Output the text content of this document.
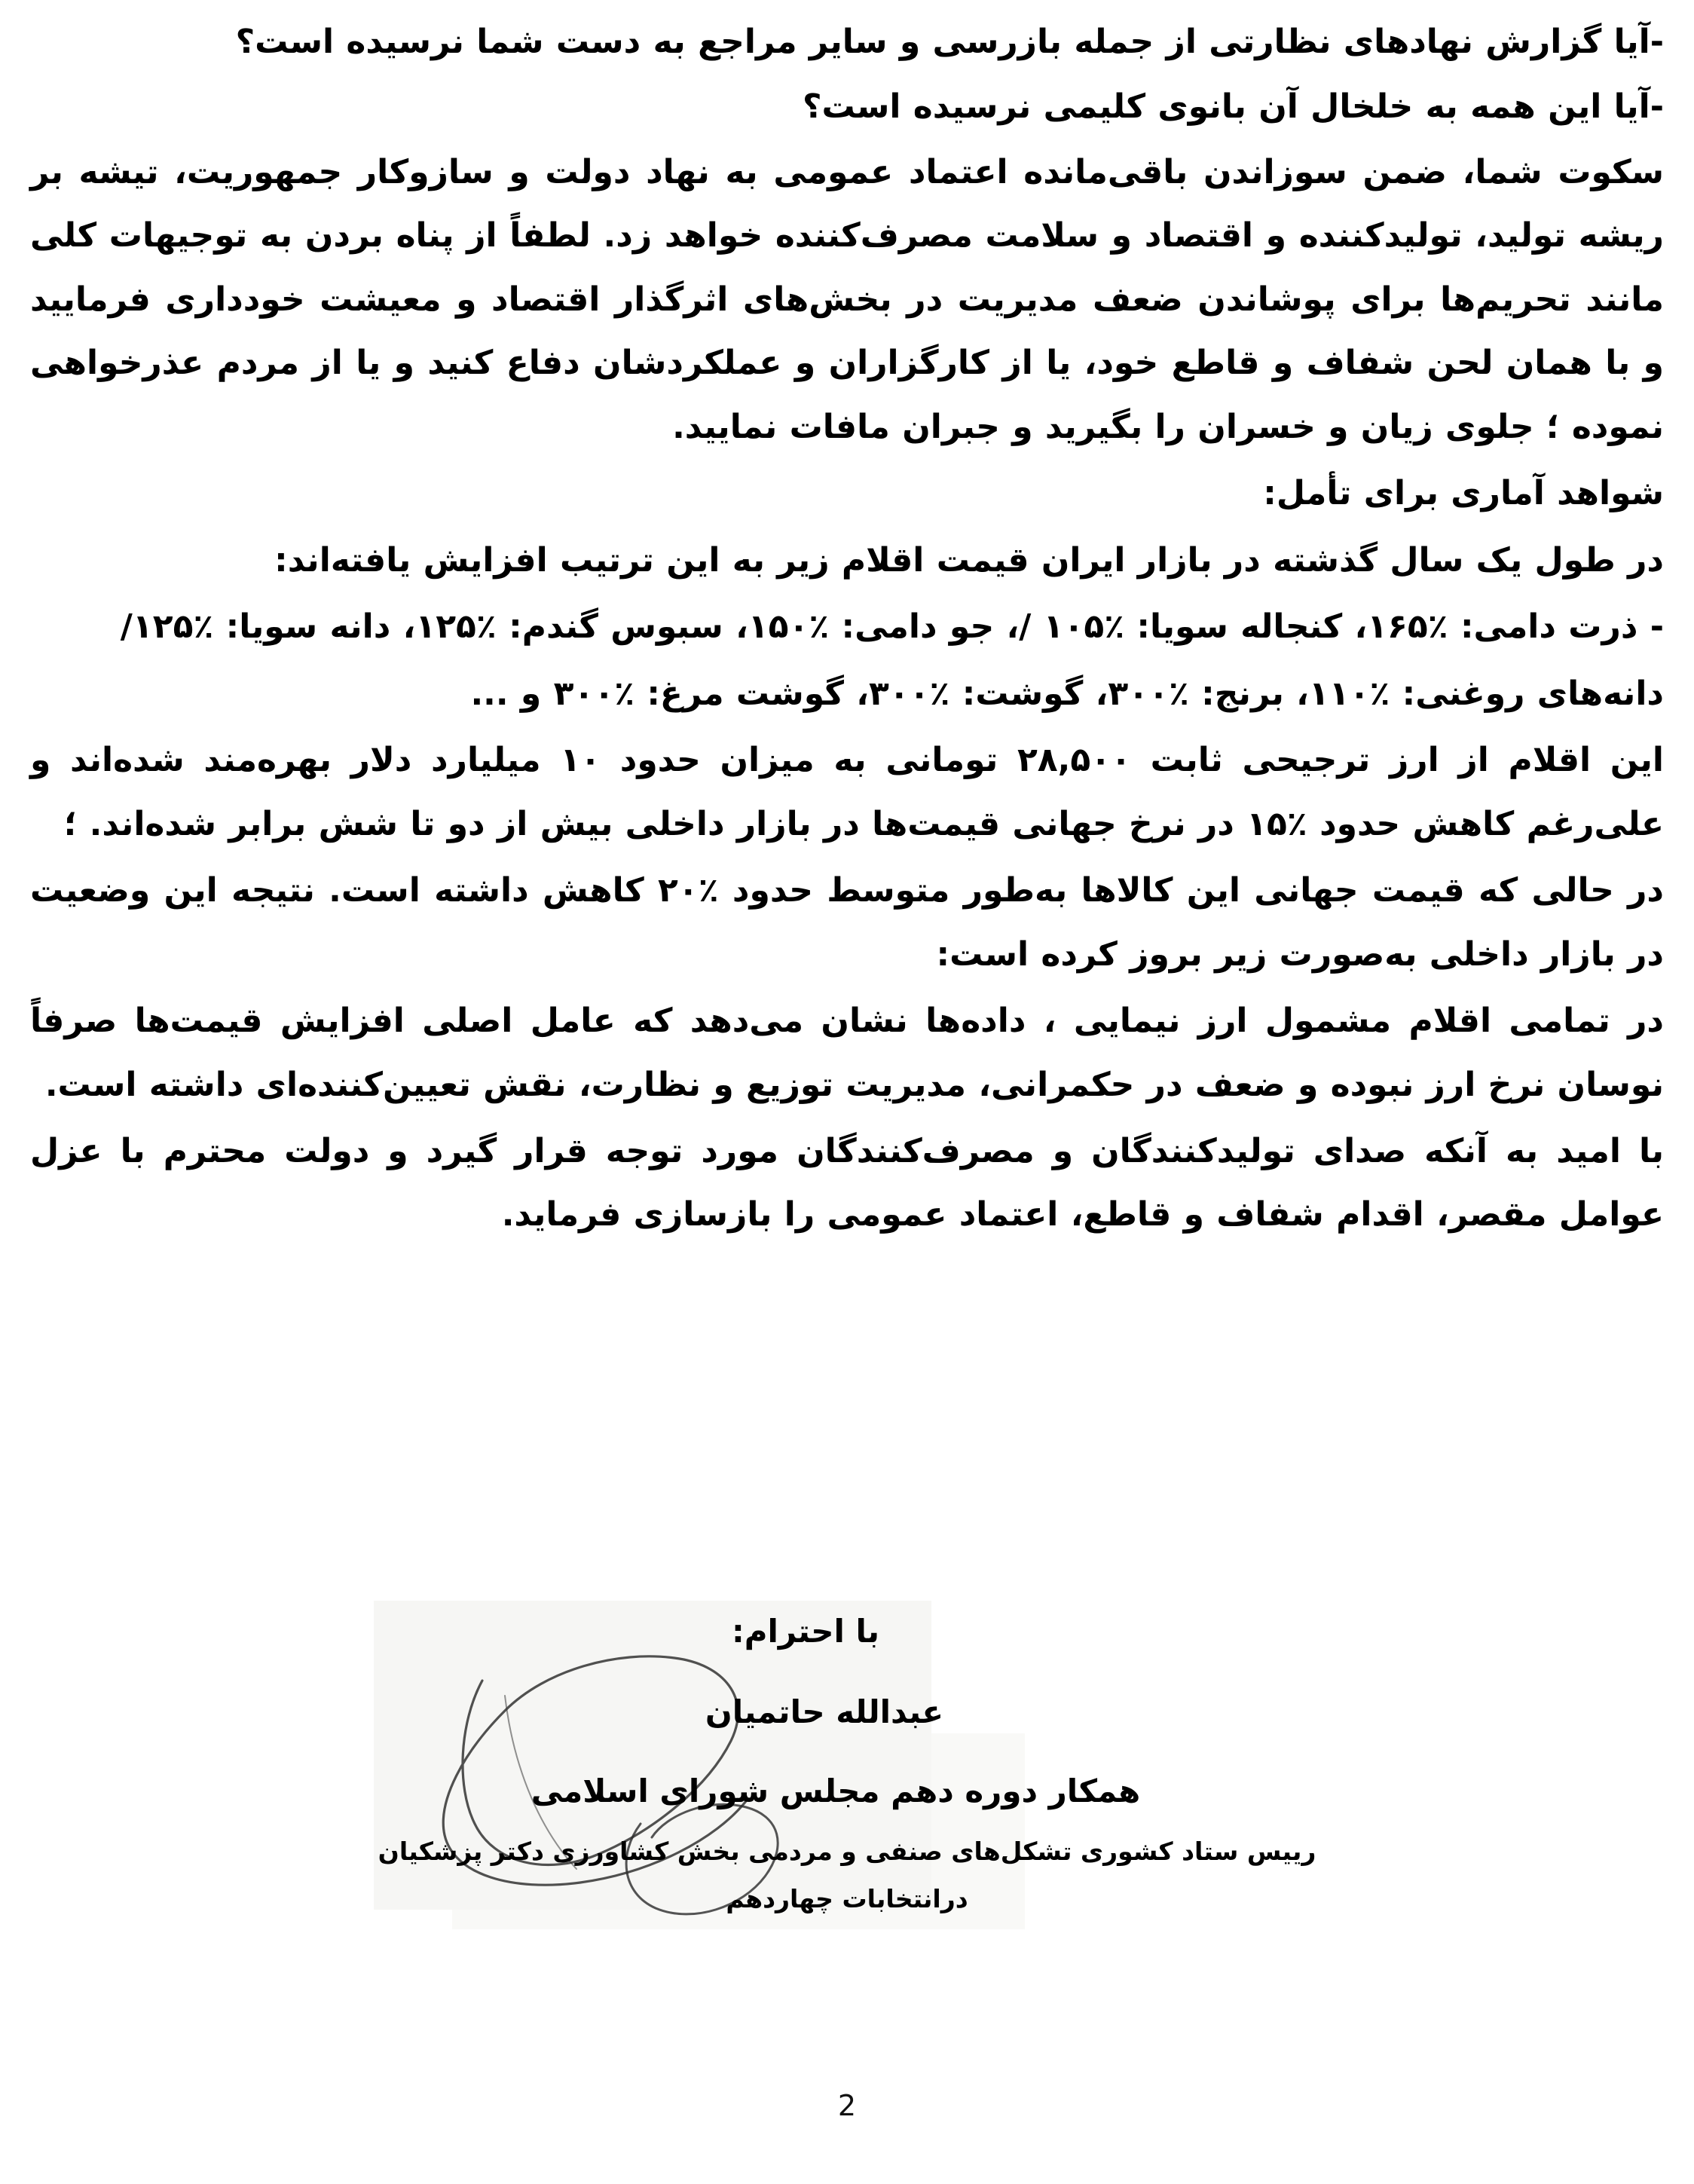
-آیا گزارش نهادهای نظارتی از جمله بازرسی و سایر مراجع به دست شما نرسیده است؟

-آیا این همه به خلخال آن بانوی کلیمی نرسیده است؟

سکوت شما، ضمن سوزاندن باقی‌مانده اعتماد عمومی به نهاد دولت و سازوکار جمهوریت، تیشه بر ریشه تولید، تولیدکننده و اقتصاد و سلامت مصرف‌کننده خواهد زد. لطفاً از پناه بردن به توجیهات کلی مانند تحریم‌ها برای پوشاندن ضعف مدیریت در بخش‌های اثرگذار اقتصاد و معیشت خودداری فرمایید و با همان لحن شفاف و قاطع خود، یا از کارگزاران و عملکردشان دفاع کنید و یا از مردم عذرخواهی نموده ؛ جلوی زیان و خسران را بگیرید و جبران مافات نمایید.

شواهد آماری برای تأمل:

در طول یک سال گذشته در بازار ایران قیمت اقلام زیر به این ترتیب افزایش یافته‌اند:

- ذرت دامی: ٪۱۶۵، کنجاله سویا: ٪۱۰۵ /، جو دامی: ٪۱۵۰، سبوس گندم: ٪۱۲۵، دانه سویا: ٪۱۲۵/

دانه‌های روغنی: ٪۱۱۰، برنج: ٪۳۰۰، گوشت: ٪۳۰۰، گوشت مرغ: ٪۳۰۰ و ...

این اقلام از ارز ترجیحی ثابت ۲۸,۵۰۰ تومانی به میزان حدود ۱۰ میلیارد دلار بهره‌مند شده‌اند و علی‌رغم کاهش حدود ٪۱۵ در نرخ جهانی قیمت‌ها در بازار داخلی بیش از دو تا شش برابر شده‌اند. ؛

در حالی که قیمت جهانی این کالاها به‌طور متوسط حدود ٪۲۰ کاهش داشته است. نتیجه این وضعیت در بازار داخلی به‌صورت زیر بروز کرده است:

در تمامی اقلام مشمول ارز نیمایی ، داده‌ها نشان می‌دهد که عامل اصلی افزایش قیمت‌ها صرفاً نوسان نرخ ارز نبوده و ضعف در حکمرانی، مدیریت توزیع و نظارت، نقش تعیین‌کننده‌ای داشته است.

با امید به آنکه صدای تولیدکنندگان و مصرف‌کنندگان مورد توجه قرار گیرد و دولت محترم با عزل عوامل مقصر، اقدام شفاف و قاطع، اعتماد عمومی را بازسازی فرماید.

با احترام:

عبدالله حاتمیان

همکار دوره دهم مجلس شورای اسلامی

رییس ستاد کشوری تشکل‌های صنفی و مردمی بخش کشاورزی دکتر پزشکیان

درانتخابات چهاردهم

2
